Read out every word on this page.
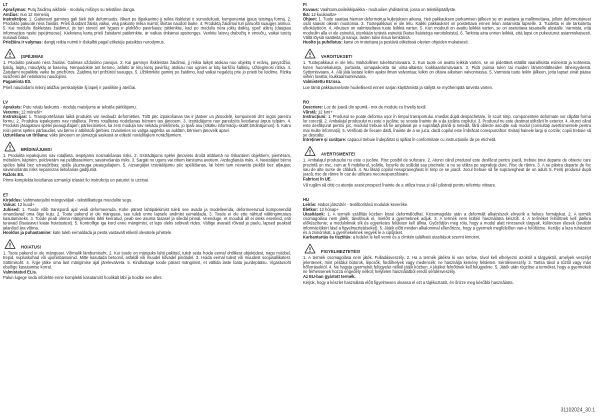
LT

Aprašymas: Putų žaidimų aikštelė - modulių mišinys su tekstiline danga.

Amžius: nuo 12 mėnesių

Instrukcijos: 1. Gabenant gaminys gali šiek tiek deformuotis. Iškart po išpakavimo jį reikia išskleisti ir sumodeliuoti, komponentai įgaus teisingą formą. 2. Produkto pakuotė nėra žaislas. Prieš duodant žaislą vaikui, visą pakuotę reikia nuimti; skirtas naudoti lauke. 4. Produktą žaidimui turi paruošti suaugęs asmuo. 5. Kai modulis išskleistas žaidimui, jis turi stovėti ant lygaus ir plokščio paviršiaus; įsitikinkite, kad po moduliu nėra jokių daiktų, ypač aštrių (daugiau informacijos rasite įspėjimuose). Kiekvieną kartą prieš žaisdami patikrinkite, ar vaikas tinkamai apsirengęs. Venkite laisvų drabužių ir virvučių, vaikai turėtų nusiauti batus.

Priežiūra ir valymas: dangtį reikia nuimti ir išskalbti pagal etiketėje pateiktus nurodymus.

ĮSPĖJIMAI!

1. Produkto pakuotė nėra žaislas. Galimas uždusimo pavojus. 2. Kai gaminys išskleistas žaidimui, jį reikia laikyti atokiau nuo objektų ir erdvių, pavyzdžiui, baldų, laiptų, maudyklų ar baseinų. Nenaudokite ant betono, asfalto ar kitų kietų paviršių; atokiau nuo ugnies ar kitų karščio šaltinių. Uždegimosi rizika. 4. Žaisdami nepalikite vaiko be priežiūros. Žaidimą turi prižiūrėti suaugęs. 5. Užtikrinkite gaminį po žaidimo, kad vaikai negalėtų prie jo prieiti be leidimo. Rizika susižeisti dėl netinkamo naudojimo.

Pagaminta ES.

Prieš naudodami rinkinį atidžiai perskaitykite šį lapelį ir pasilikite jį ateičiai.

LV

Apraksts: Putu rotaļu laukums - moduļu maisījums ar tekstila pārklājumu.

Vecums: 12 mēneši+

Instrukcijas: 1. Transportēšanas laikā produkts var nedaudz deformēties. Tūlīt pēc izpakošanas tas ir jāatver un jāmodelē, komponenti drīz iegūs pareizo formu. 2. Produkta iepakojums nav rotaļlieta. Pirms rotaļlietas nodošanas bērnam tas jānoņem. 3. Izstrādājums nav paredzēts lietošanai ārpus telpām. 4. Produkts jāsagatavo spēlei pieaugušajam; pārliecinieties, ka zem moduļa nav nekādu priekšmetu, jo īpaši asu (sīkāku informāciju skatīt brīdinājumos). 5. Katru reizi pirms spēles pārbaudiet, vai bērns ir atbilstoši ģērbies. Izvairieties no vaļīga apģērba un auklām, bērniem jānovelk apavi.

Uzturēšana un tīrīšana: vāks jānoņem un jāmazgā saskaņā ar etiķetē norādītajiem norādījumiem.

BRĪDINĀJUMS!

1. Produkta iepakojums nav rotaļlieta. Iespējams nosmakšanas risks. 2. Izstrādājums spēlei jānovieto drošā attālumā no riskantiem objektiem, piemēram, mēbelēm, kāpnēm, peldvietām vai peldbaseiniem; savainošanās risks. 3. Sargāt no uguns vai citiem karstuma avotiem. Aizdegšanās risks. 4. Neatstājiet bērnu spēles laikā bez uzraudzības; spēle jāuzrauga pieaugušajiem. 5. Aizsargājiet izstrādājumu pēc spēlēšanas, lai bērni tam nevarētu piekļūt bez atļaujas; savainošanās risks nepareizas lietošanas gadījumā.

Ražots ES.

Pirms komplekta lietošanas uzmanīgi izlasiet šo instrukciju un paturiet to uzziņai.

ET

Kirjeldus: Vahtmaterjalist mänguväljak - tekstiilkattega moodulite segu.

Vanus: 12 kuud+

Juhised: 1. Toode võib transpordi ajal veidi deformeeruda. Kohe pärast lahtipakkimist tuleb see avada ja modelleerida, deformeerunud komponendid omandavad oma õige kuju. 2. Toote pakend ei ole mänguasi, see tuleb enne lapsele andmist eemaldada. 3. Toode ei ole ette nähtud välitingimustes kasutamiseks. 4. Toode peab olema mängimiseks lahti keeratud, peab see asuma tasasel ja siledal pinnal. Veenduge, et mooduli all ei oleks esemeid, eriti teravaid (lisateavet leiate hoiatustest). 5. Kontrollige iga kord enne mängimist, et laps oleks sobivalt riides. Vältige avaraid rõivaid ja paelu, lapsed peaksid jalanõud ära võtma.

Hooldus ja puhastamine: kate tuleb eemaldada ja pesta vastavalt etiketil olevatele juhistele.

HOIATUS!

1. Toote pakend ei ole mänguasi. Võimalik lämbumisoht. 2. Kui toode on mänguks lahti pakitud, tuleb seda hoida eemal ohtlikest objektidest, nagu mööbel, trepid, supluskohad või ujumisbasseinid. Mitte kasutada betoonil, asfaldil või muudel kõvadel pindadel. 3. Hoida eemal tulest või muudest soojusallikatest. Süttimisoht. 4. Ärge jätke oma last mängimise ajal järelevalveta. 5. Kindlustage toode pärast mängimist, et vältida laste loata juurdepääsu. Vigastusoht ebaõige kasutamise korral.

Valmistatud ELis.

Palun lugege seda infolehte enne komplekti kasutamist hoolikalt läbi ja hoidke see alles.

FI

Kuvaus: Vaahtomuovileikkipaikka - moduulien yhdistelmä, jossa on tekstiilipäällyste.

Ikä: 12 kuukautta+

Ohjeet: 1. Tuote saattaa hieman deformoitua kuljetuksen aikana. Heti pakkauksen purkamisen jälkeen se on avattava ja mallinnettava, jolloin deformoituneet osat saavat oikean muotonsa. 2. Tuotepakkaus ei ole lelu. Kaikki pakkaukset on poistettava ennen lelun antamista lapselle. 3. Tuotetta ei ole tarkoitettu ulkokäyttöön. 4. Aikuisen on valmisteltava tuote leikkiä varten. 5. Kun moduuli on avattu leikkiä varten, se on asetettava tasaiselle alustalle. Varmista, että moduulin alla ei ole esineitä, etenkään teräviä esineitä (katso lisätietoja varoituksista). 6. Tarkista aina ennen leikkiä, että lapsi on pukeutunut asianmukaisesti. Vältä löysiä vaatteita ja naruja, lasten tulisi riisua kenkänsä.

Huolto ja puhdistus: kansi on irrotettava ja pestävä etiketissä olevien ohjeiden mukaisesti.

VAROITUKSET!

1. Tuotepakkaus ei ole lelu. Mahdollinen tukehtumisvaara. 2. Kun tuote on avattu leikkiä varten, se on pidettävä etäällä vaarallisista esineistä ja kohteista, kuten huonekaluista, portaista, uimapaikoista tai uima-altaista; loukkaantumisvaara. 3. Pidä poissa tulen tai muiden lämmönlähteiden läheisyydestä. Syttymisvaara. 4. Älä jätä lastasi leikin ajaksi ilman valvontaa; leikin on oltava aikuisen valvonnassa. 5. Varmista tuote leikin jälkeen, jotta lapset eivät pääse siihen luvatta; loukkaantumisvaara.

Valmistettu EU:ssa.

Lue tämä pakkausseloste huolellisesti ennen sarjan käyttämistä ja säilytä se myöhempää tarvetta varten.

RO

Descriere: Loc de joacă din spumă - mix de module cu înveliș textil.

Vârstă: 12 luni+

Instrucțiuni: 1. Produsul se poate deforma ușor în timpul transportului. Imediat după despachetare, în scurt timp, componentele deformate vor căpăta forma lor corectă. 2. Ambalajul produsului nu este o jucărie; se scoate înainte de a da jucăria copilului. 3. Produsul nu este destinat utilizării în exterior. 4. Atunci când este desfășurat pentru joc, modulul trebuie să fie amplasat pe o suprafață plană și netedă, fără obiecte ascuțite sub modul (consultați avertismentele pentru mai multe informații). 5. Verificați de fiecare dată, înainte de a se juca, dacă copilul este îmbrăcat corespunzător. Evitați hainele largi și corzile; copiii trebuie să se descalțe.

Întreținere și curățare: capacul trebuie îndepărtat și spălat în conformitate cu instrucțiunile de pe etichetă.

AVERTISMENTE!

1. Ambalajul produsului nu este o jucărie. Risc posibil de sufocare. 2. Atunci când produsul este desfăcut pentru joacă, trebuie ținut departe de obiecte care prezintă un risc, cum ar fi mobilierul, scările, locurile de scăldat sau piscinele; a nu se utiliza pe suprafețe dure. Risc de rănire. 3. A se păstra departe de foc sau de alte surse de căldură. 4. Nu lăsați copilul nesupravegheat în timp ce se joacă. Jocul trebuie să fie supravegheat de un adult. 5. Feriți produsul după joacă; risc de rănire în caz de utilizare necorespunzătoare.

Fabricat în UE.

Vă rugăm să citiți cu atenție acest prospect înainte de a utiliza trusa și să-l păstrați pentru referințe viitoare.

HU

Leírás: Habos játszótér - textilborítású modulok keveréke.

Életkor: 12 hónap+

Utasítások: 1. A termék szállítás közben kissé deformálódhat. Kicsomagolás után a deformált alkatrészek elnyerik a helyes formájukat. 2. A termék csomagolása nem játék; távolítsuk el, mielőtt a gyermeknek adjuk. 3. A termék nem kültéri használatra készült. 4. A terméket felnőttnek kell játékra előkészítenie; a moduloknak sík és egyenletes felületen kell állnia. Győződjön meg róla, hogy a modul alatt nincsenek tárgyak, különösen élesek (további információkért lásd a figyelmeztetéseket). 5. Játék előtt minden alkalommal ellenőrizze, hogy a gyermek megfelelően van-e felöltözve. Kerülje a laza ruházatot és a zsinórokat, a gyermekeknek vegyék le a cipőjüket.

Karbantartás és tisztítás: a fedelet le kell venni és a címkén található utasítások szerint kimosni.

FIGYELMEZTETÉS!

1. A termék csomagolása nem játék. Fulladásveszély. 2. Ha a termék játékra ki van terítve, távol kell elhelyezni azoktól a tárgyaktól, amelyek veszélyt jelentenek, mint például bútorok, lépcsők, fürdőhelyek vagy medencék; ne használja kemény felületen. Sérülésveszély. 3. Tartsa távol a tűztől vagy más hőforrásoktól. 4. Ne hagyja gyermekét felügyelet nélkül játék közben. A játékot felnőttnek kell felügyelnie. 5. Játék után rögzítse a terméket, hogy a gyermekek ne férhessenek hozzá engedély nélkül; helytelen használatból eredő sérülésveszély.

Az EU-ban gyártott termék.

Kérjük, hogy a készlet használata előtt figyelmesen olvassa el ezt a tájékoztatót, és őrizze meg későbbi használatra.

31102024_30.1
